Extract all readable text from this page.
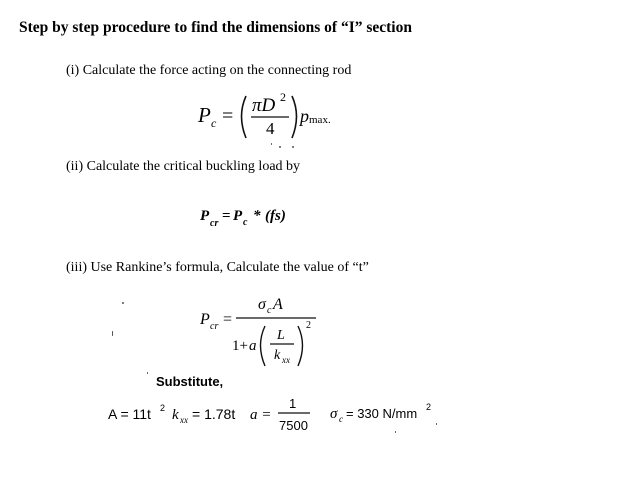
Step by step procedure to find the dimensions of “I” section
(i) Calculate the force acting on the connecting rod
(ii) Calculate the critical buckling load by
(iii) Use Rankine’s formula, Calculate the value of “t”
P c = πD 2
4
p max.
P cr = P c * (fs)
P cr =
σ c A
1+ a
L
k xx
2
Substitute,
A = 11t 2 k xx = 1.78t a =
1
7500
σ c = 330 N/mm 2
